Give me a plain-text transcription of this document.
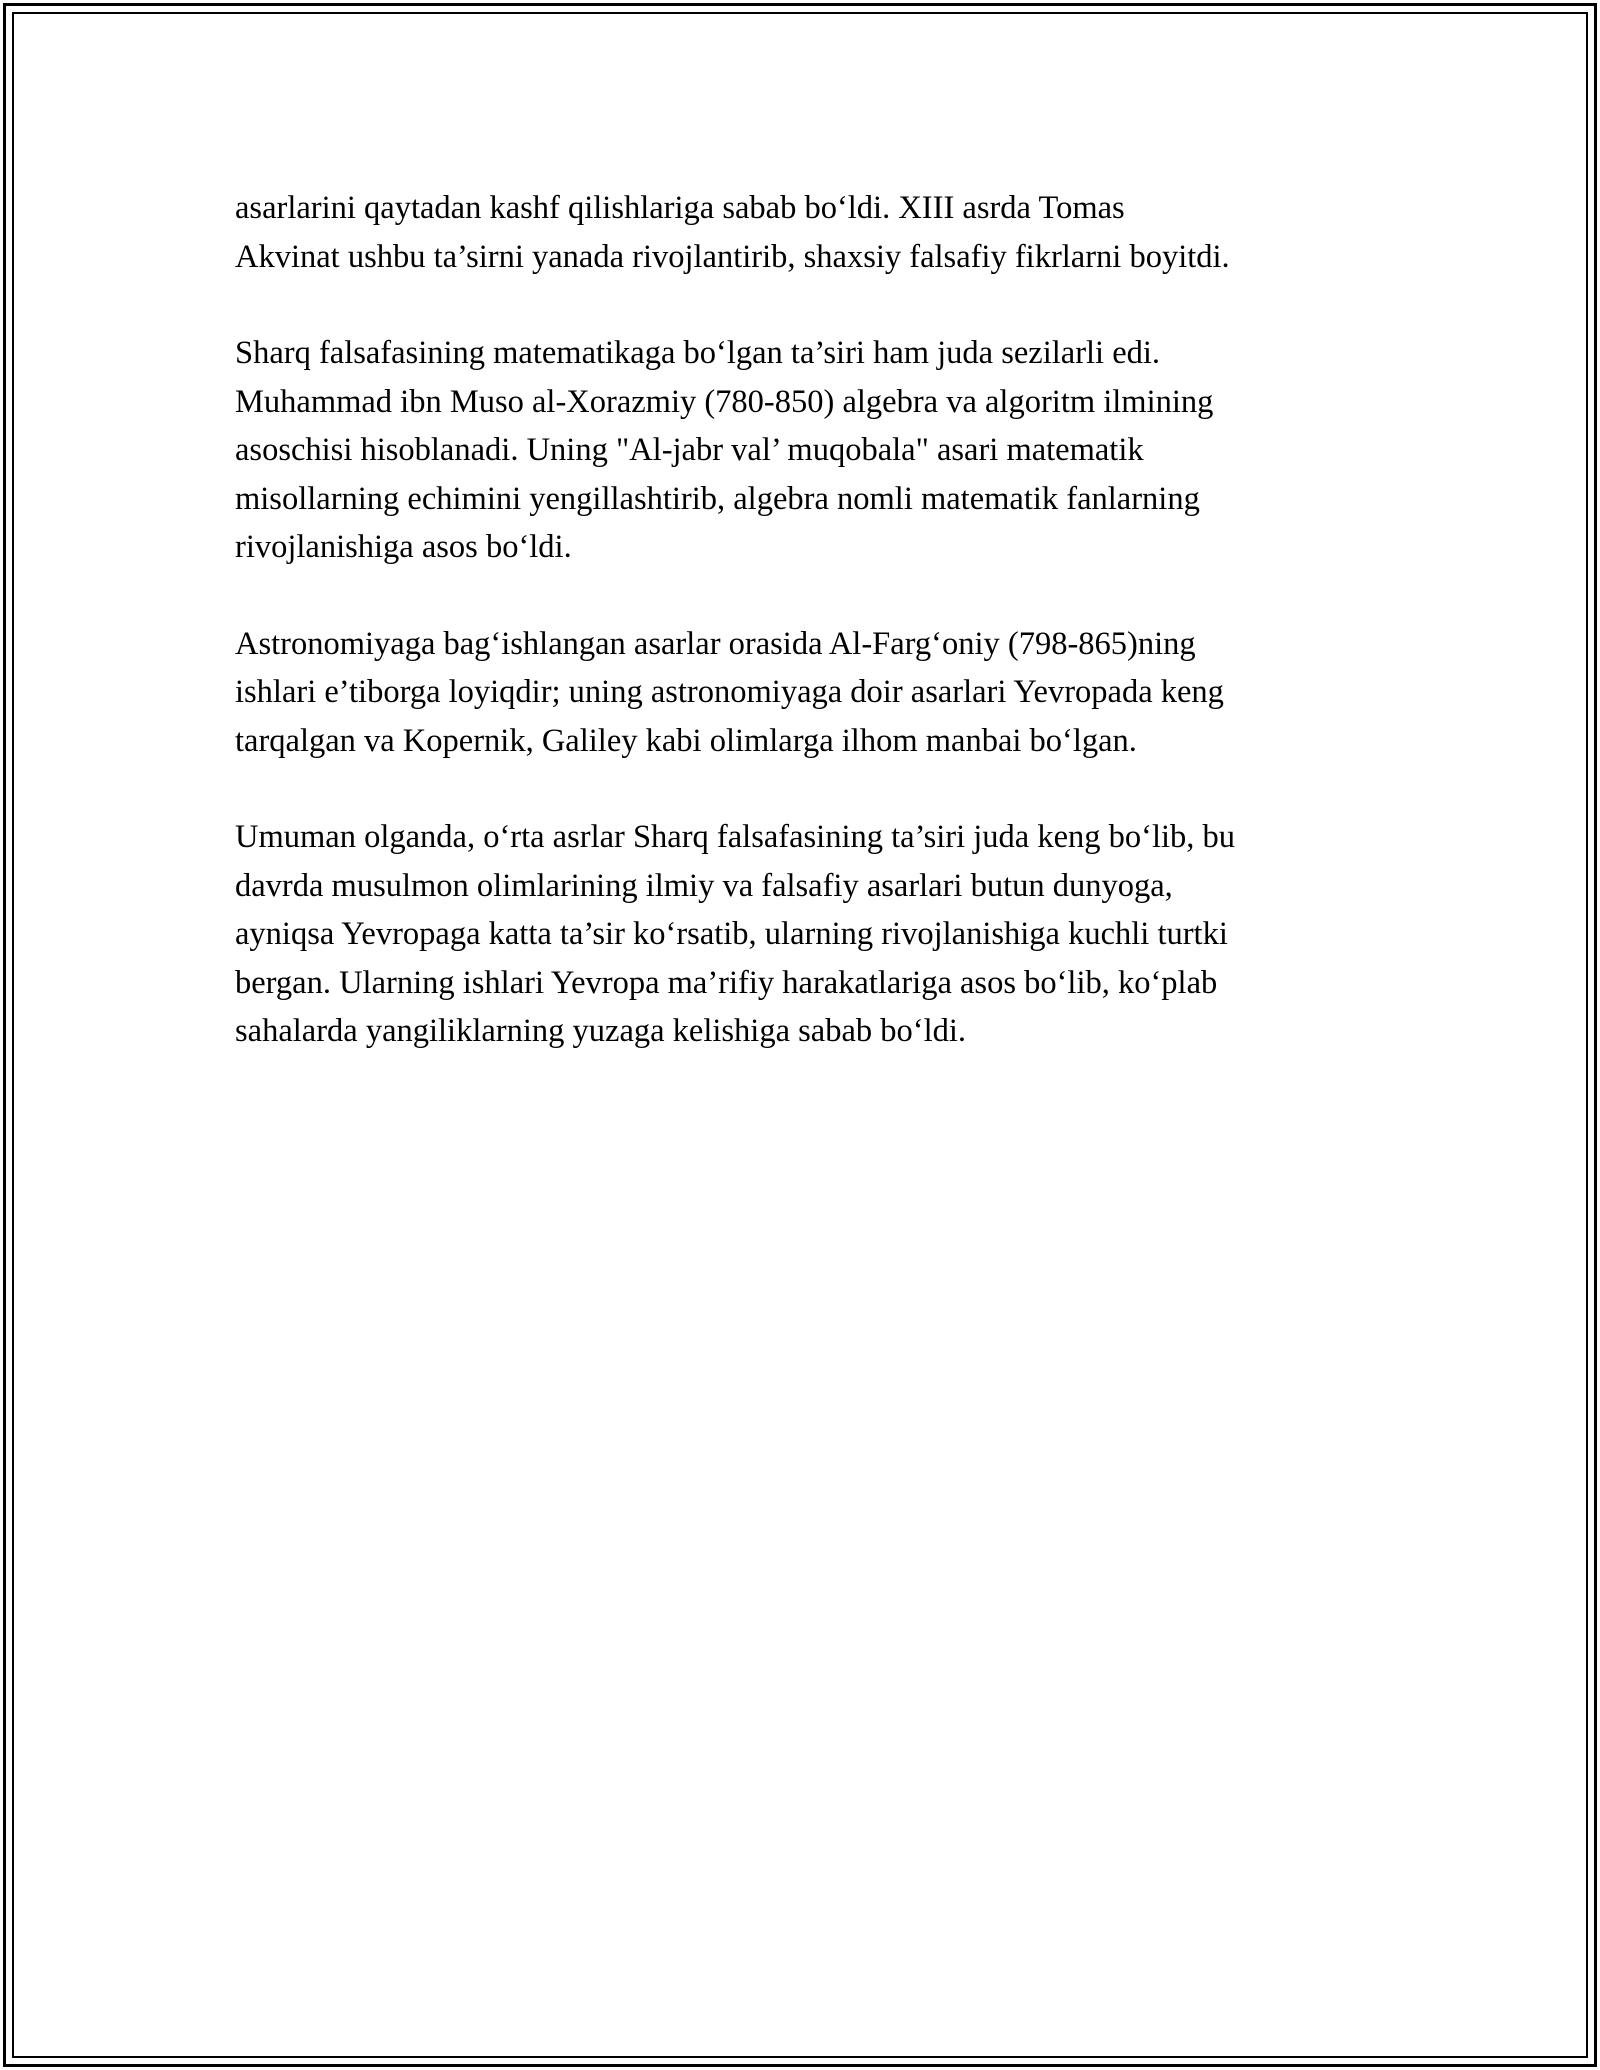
asarlarini qaytadan kashf qilishlariga sabab bo‘ldi. XIII asrda Tomas
Akvinat ushbu ta’sirni yanada rivojlantirib, shaxsiy falsafiy fikrlarni boyitdi.

Sharq falsafasining matematikaga bo‘lgan ta’siri ham juda sezilarli edi.
Muhammad ibn Muso al-Xorazmiy (780-850) algebra va algoritm ilmining
asoschisi hisoblanadi. Uning "Al-jabr val’ muqobala" asari matematik
misollarning echimini yengillashtirib, algebra nomli matematik fanlarning
rivojlanishiga asos bo‘ldi.

Astronomiyaga bag‘ishlangan asarlar orasida Al-Farg‘oniy (798-865)ning
ishlari e’tiborga loyiqdir; uning astronomiyaga doir asarlari Yevropada keng
tarqalgan va Kopernik, Galiley kabi olimlarga ilhom manbai bo‘lgan.

Umuman olganda, o‘rta asrlar Sharq falsafasining ta’siri juda keng bo‘lib, bu
davrda musulmon olimlarining ilmiy va falsafiy asarlari butun dunyoga,
ayniqsa Yevropaga katta ta’sir ko‘rsatib, ularning rivojlanishiga kuchli turtki
bergan. Ularning ishlari Yevropa ma’rifiy harakatlariga asos bo‘lib, ko‘plab
sahalarda yangiliklarning yuzaga kelishiga sabab bo‘ldi.
